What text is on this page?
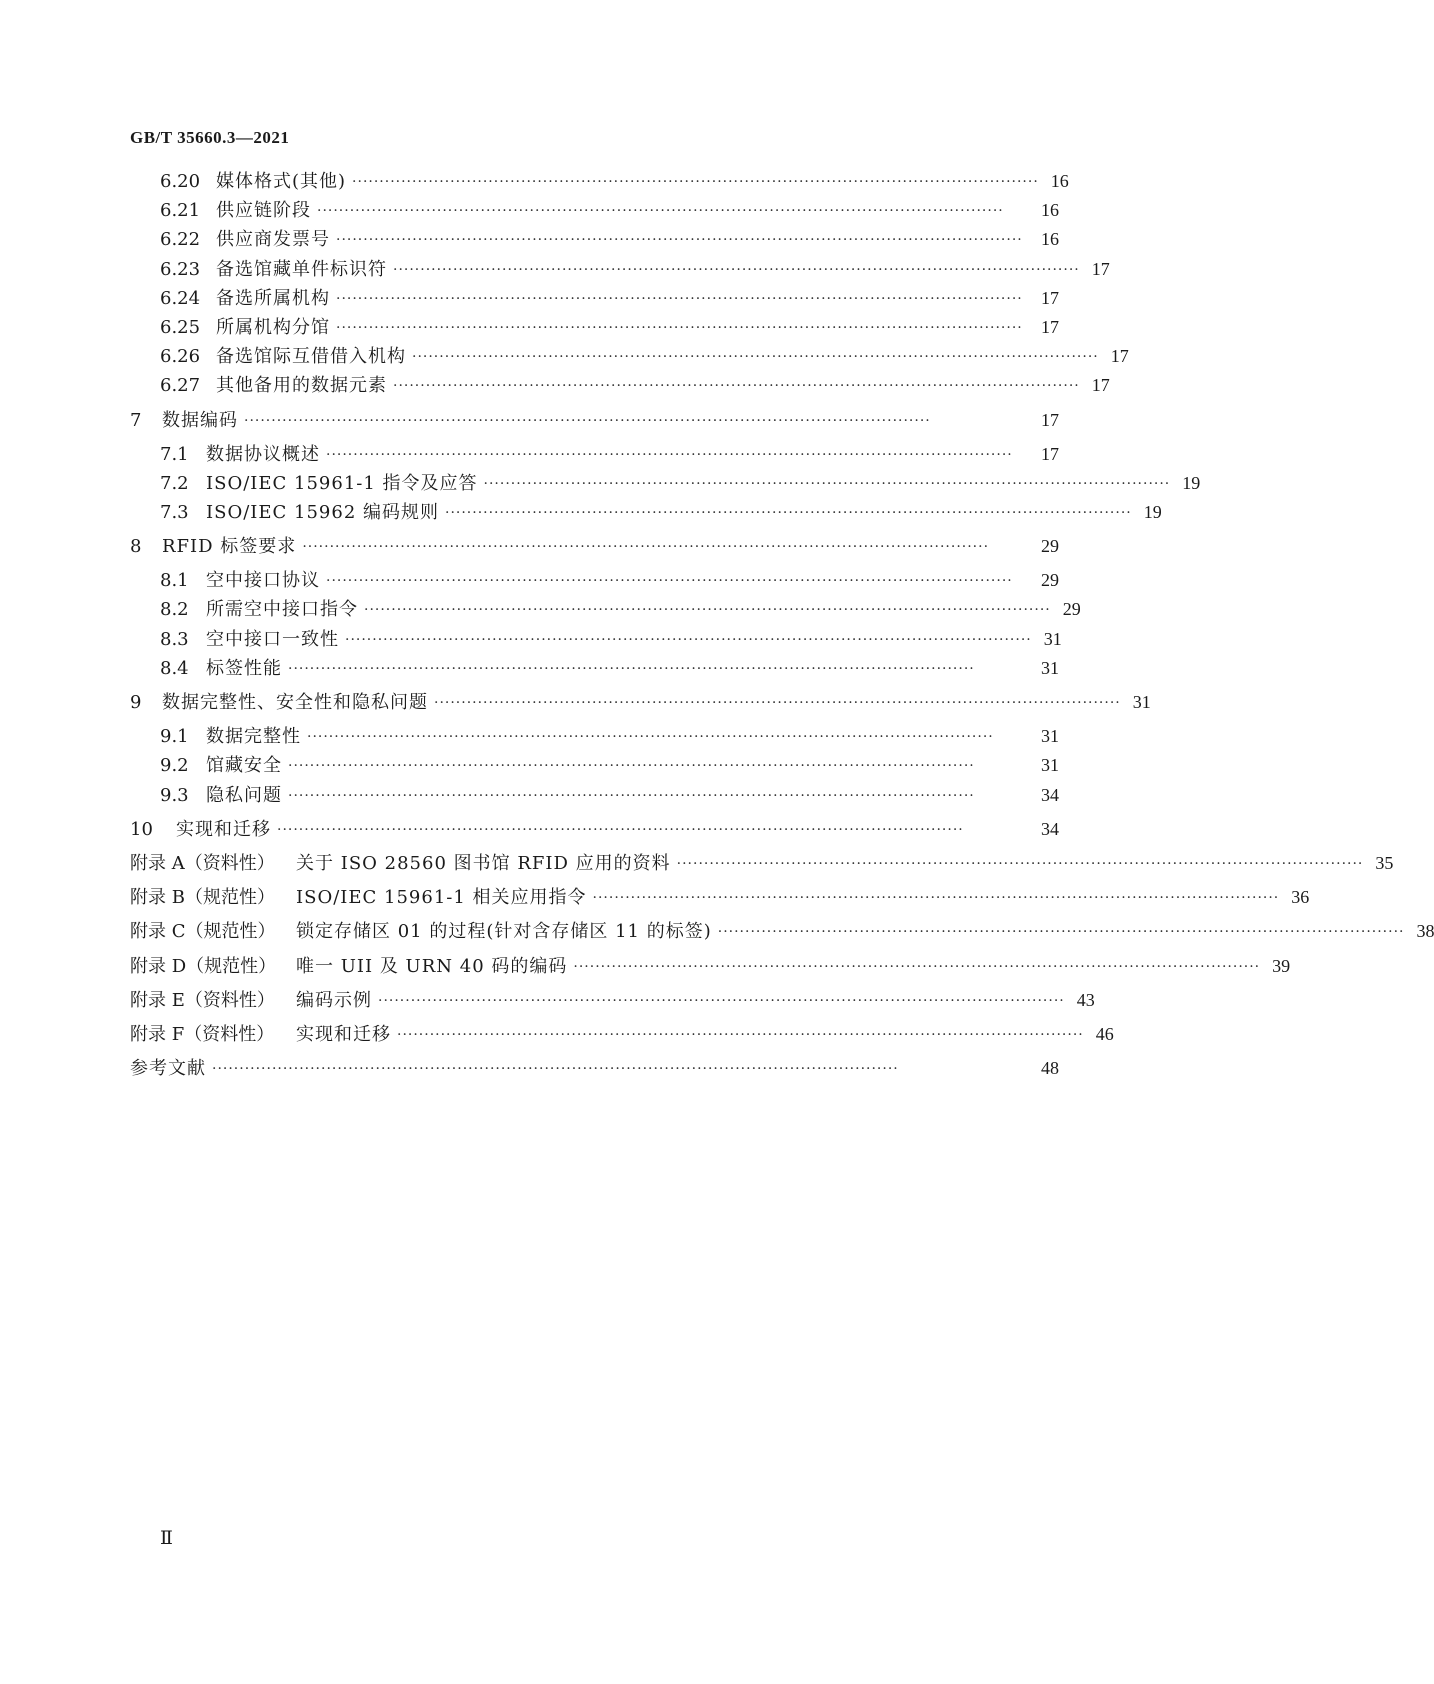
GB/T 35660.3—2021
6.20 媒体格式(其他) ······························································································································ 16
6.21 供应链阶段 ······························································································································	16
6.22 供应商发票号 ······························································································································	16
6.23 备选馆藏单件标识符 ······························································································································ 17
6.24 备选所属机构 ······························································································································	17
6.25 所属机构分馆 ······························································································································	17
6.26 备选馆际互借借入机构 ······························································································································ 17
6.27 其他备用的数据元素 ······························································································································ 17
7	数据编码 ······························································································································	17
7.1 数据协议概述 ······························································································································	17
7.2 ISO/IEC 15961-1 指令及应答 ······························································································································ 19
7.3 ISO/IEC 15962 编码规则 ······························································································································ 19
8	RFID 标签要求 ······························································································································	29
8.1 空中接口协议 ······························································································································	29
8.2 所需空中接口指令 ······························································································································ 29
8.3 空中接口一致性 ······························································································································ 31
8.4 标签性能 ······························································································································	31
9	数据完整性、安全性和隐私问题 ······························································································································ 31
9.1 数据完整性 ······························································································································	31
9.2 馆藏安全 ······························································································································	31
9.3 隐私问题 ······························································································································	34
10	实现和迁移 ······························································································································	34
附录 A（资料性）	关于 ISO 28560 图书馆 RFID 应用的资料 ······························································································································ 35
附录 B（规范性）	ISO/IEC 15961-1 相关应用指令 ······························································································································ 36
附录 C（规范性）	锁定存储区 01 的过程(针对含存储区 11 的标签) ······························································································································ 38
附录 D（规范性）	唯一 UII 及 URN 40 码的编码 ······························································································································ 39
附录 E（资料性）	编码示例 ······························································································································ 43
附录 F（资料性）	实现和迁移 ······························································································································ 46
参考文献 ······························································································································	48
Ⅱ
